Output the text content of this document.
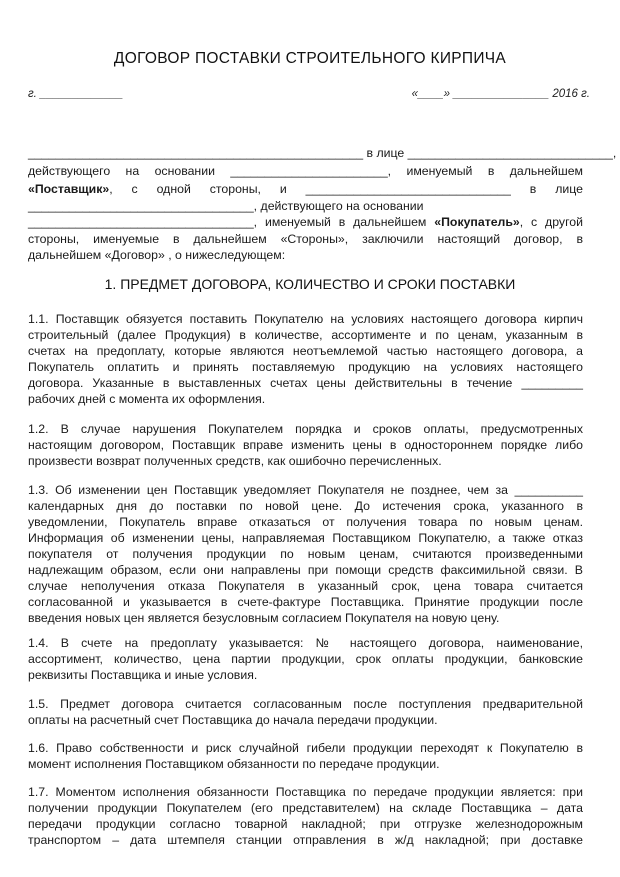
ДОГОВОР ПОСТАВКИ СТРОИТЕЛЬНОГО КИРПИЧА
г. _____________	«____» _______________ 2016 г.
_________________________________________________ в лице ______________________________,
действующего на основании _______________________, именуемый в дальнейшем
«Поставщик», с одной стороны, и ______________________________ в лице
_________________________________, действующего на основании
_________________________________, именуемый в дальнейшем «Покупатель», с другой
стороны, именуемые в дальнейшем «Стороны», заключили настоящий договор, в
дальнейшем «Договор» , о нижеследующем:
1. ПРЕДМЕТ ДОГОВОРА, КОЛИЧЕСТВО И СРОКИ ПОСТАВКИ
1.1. Поставщик обязуется поставить Покупателю на условиях настоящего договора кирпич
строительный (далее Продукция) в количестве, ассортименте и по ценам, указанным в
счетах на предоплату, которые являются неотъемлемой частью настоящего договора, а
Покупатель оплатить и принять поставляемую продукцию на условиях настоящего
договора. Указанные в выставленных счетах цены действительны в течение _________
рабочих дней с момента их оформления.
1.2. В случае нарушения Покупателем порядка и сроков оплаты, предусмотренных
настоящим договором, Поставщик вправе изменить цены в одностороннем порядке либо
произвести возврат полученных средств, как ошибочно перечисленных.
1.3. Об изменении цен Поставщик уведомляет Покупателя не позднее, чем за __________
календарных дня до поставки по новой цене. До истечения срока, указанного в
уведомлении, Покупатель вправе отказаться от получения товара по новым ценам.
Информация об изменении цены, направляемая Поставщиком Покупателю, а также отказ
покупателя от получения продукции по новым ценам, считаются произведенными
надлежащим образом, если они направлены при помощи средств факсимильной связи. В
случае неполучения отказа Покупателя в указанный срок, цена товара считается
согласованной и указывается в счете-фактуре Поставщика. Принятие продукции после
введения новых цен является безусловным согласием Покупателя на новую цену.
1.4. В счете на предоплату указывается: № настоящего договора, наименование,
ассортимент, количество, цена партии продукции, срок оплаты продукции, банковские
реквизиты Поставщика и иные условия.
1.5. Предмет договора считается согласованным после поступления предварительной
оплаты на расчетный счет Поставщика до начала передачи продукции.
1.6. Право собственности и риск случайной гибели продукции переходят к Покупателю в
момент исполнения Поставщиком обязанности по передаче продукции.
1.7. Моментом исполнения обязанности Поставщика по передаче продукции является: при
получении продукции Покупателем (его представителем) на складе Поставщика – дата
передачи продукции согласно товарной накладной; при отгрузке железнодорожным
транспортом – дата штемпеля станции отправления в ж/д накладной; при доставке
